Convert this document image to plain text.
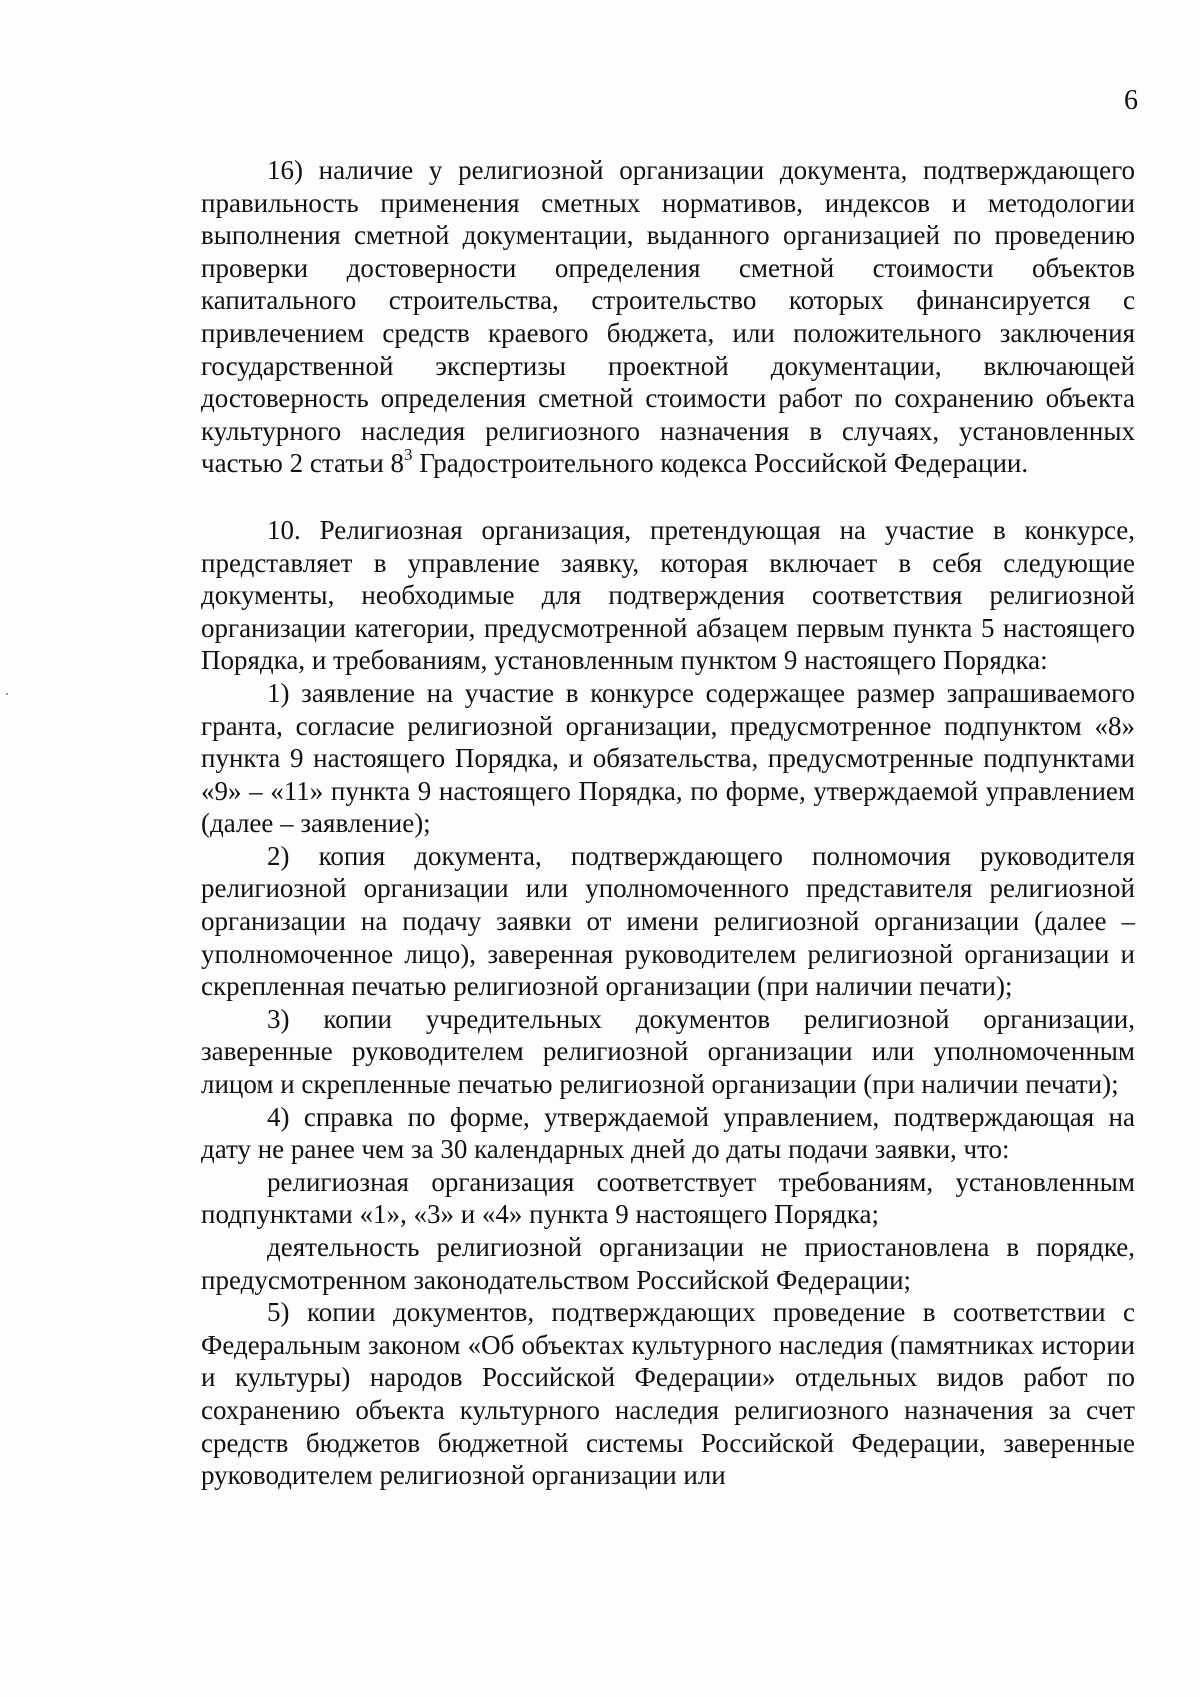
6

16) наличие у религиозной организации документа, подтверждающего правильность применения сметных нормативов, индексов и методологии выполнения сметной документации, выданного организацией по проведению проверки достоверности определения сметной стоимости объектов капитального строительства, строительство которых финансируется с привлечением средств краевого бюджета, или положительного заключения государственной экспертизы проектной документации, включающей достоверность определения сметной стоимости работ по сохранению объекта культурного наследия религиозного назначения в случаях, установленных частью 2 статьи $8^3$ Градостроительного кодекса Российской Федерации.

10. Религиозная организация, претендующая на участие в конкурсе, представляет в управление заявку, которая включает в себя следующие документы, необходимые для подтверждения соответствия религиозной организации категории, предусмотренной абзацем первым пункта 5 настоящего Порядка, и требованиям, установленным пунктом 9 настоящего Порядка:

1) заявление на участие в конкурсе содержащее размер запрашиваемого гранта, согласие религиозной организации, предусмотренное подпунктом «8» пункта 9 настоящего Порядка, и обязательства, предусмотренные подпунктами «9» – «11» пункта 9 настоящего Порядка, по форме, утверждаемой управлением (далее – заявление);

2) копия документа, подтверждающего полномочия руководителя религиозной организации или уполномоченного представителя религиозной организации на подачу заявки от имени религиозной организации (далее – уполномоченное лицо), заверенная руководителем религиозной организации и скрепленная печатью религиозной организации (при наличии печати);

3) копии учредительных документов религиозной организации, заверенные руководителем религиозной организации или уполномоченным лицом и скрепленные печатью религиозной организации (при наличии печати);

4) справка по форме, утверждаемой управлением, подтверждающая на дату не ранее чем за 30 календарных дней до даты подачи заявки, что:

религиозная организация соответствует требованиям, установленным подпунктами «1», «3» и «4» пункта 9 настоящего Порядка;

деятельность религиозной организации не приостановлена в порядке, предусмотренном законодательством Российской Федерации;

5) копии документов, подтверждающих проведение в соответствии с Федеральным законом «Об объектах культурного наследия (памятниках истории и культуры) народов Российской Федерации» отдельных видов работ по сохранению объекта культурного наследия религиозного назначения за счет средств бюджетов бюджетной системы Российской Федерации, заверенные руководителем религиозной организации или
